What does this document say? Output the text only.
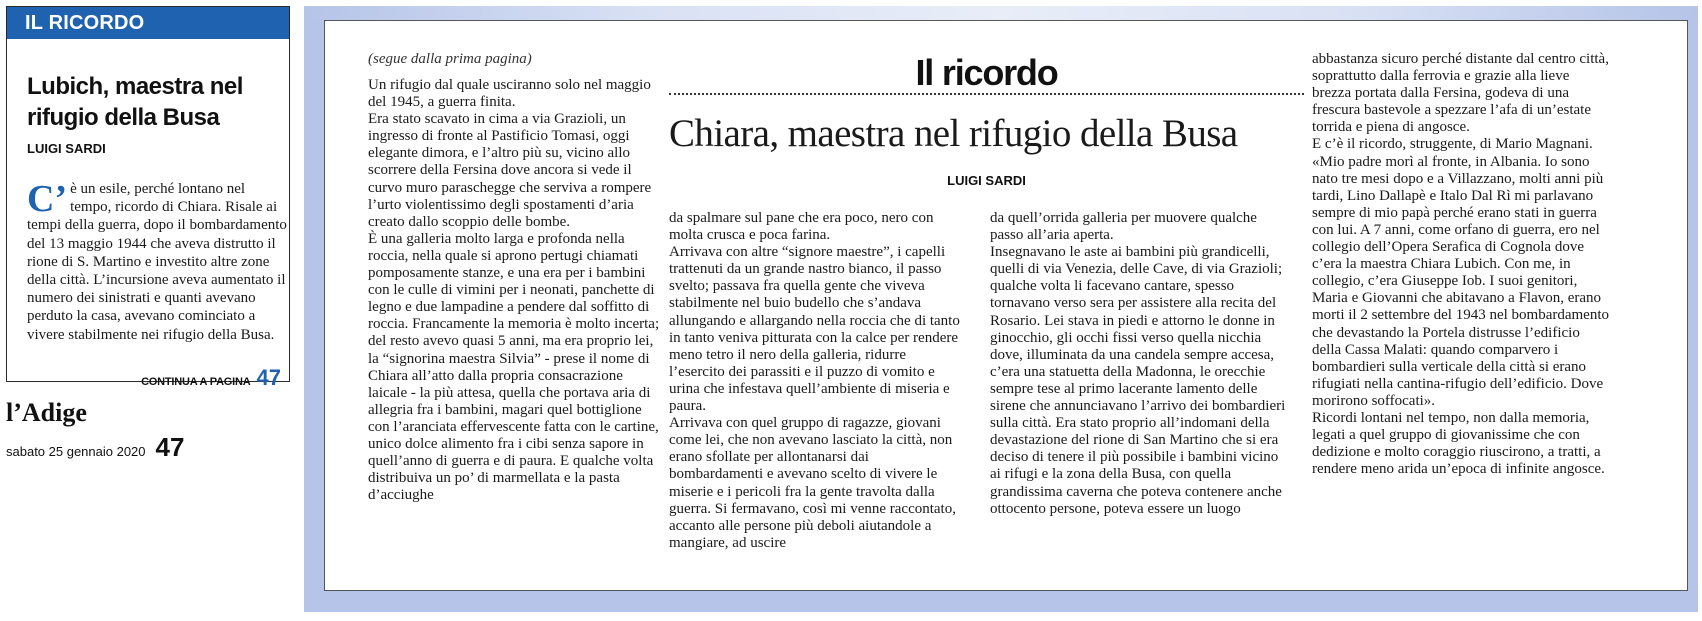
IL RICORDO
Lubich, maestra nel rifugio della Busa
LUIGI SARDI
C’ è un esile, perché lontano nel tempo, ricordo di Chiara. Risale ai tempi della guerra, dopo il bombardamento del 13 maggio 1944 che aveva distrutto il rione di S. Martino e investito altre zone della città. L’incursione aveva aumentato il numero dei sinistrati e quanti avevano perduto la casa, avevano cominciato a vivere stabilmente nei rifugio della Busa.
CONTINUA A PAGINA 47
l’Adige
sabato 25 gennaio 2020 47
(segue dalla prima pagina)
Un rifugio dal quale usciranno solo nel maggio del 1945, a guerra finita.
Era stato scavato in cima a via Grazioli, un ingresso di fronte al Pastificio Tomasi, oggi elegante dimora, e l’altro più su, vicino allo scorrere della Fersina dove ancora si vede il curvo muro paraschegge che serviva a rompere l’urto violentissimo degli spostamenti d’aria creato dallo scoppio delle bombe.
È una galleria molto larga e profonda nella roccia, nella quale si aprono pertugi chiamati pomposamente stanze, e una era per i bambini con le culle di vimini per i neonati, panchette di legno e due lampadine a pendere dal soffitto di roccia. Francamente la memoria è molto incerta; del resto avevo quasi 5 anni, ma era proprio lei, la “signorina maestra Silvia” - prese il nome di Chiara all’atto dalla propria consacrazione laicale - la più attesa, quella che portava aria di allegria fra i bambini, magari quel bottiglione con l’aranciata effervescente fatta con le cartine, unico dolce alimento fra i cibi senza sapore in quell’anno di guerra e di paura. E qualche volta distribuiva un po’ di marmellata e la pasta d’acciughe
Il ricordo
Chiara, maestra nel rifugio della Busa
LUIGI SARDI
da spalmare sul pane che era poco, nero con molta crusca e poca farina.
Arrivava con altre “signore maestre”, i capelli trattenuti da un grande nastro bianco, il passo svelto; passava fra quella gente che viveva stabilmente nel buio budello che s’andava allungando e allargando nella roccia che di tanto in tanto veniva pitturata con la calce per rendere meno tetro il nero della galleria, ridurre l’esercito dei parassiti e il puzzo di vomito e urina che infestava quell’ambiente di miseria e paura.
Arrivava con quel gruppo di ragazze, giovani come lei, che non avevano lasciato la città, non erano sfollate per allontanarsi dai bombardamenti e avevano scelto di vivere le miserie e i pericoli fra la gente travolta dalla guerra. Si fermavano, così mi venne raccontato, accanto alle persone più deboli aiutandole a mangiare, ad uscire
da quell’orrida galleria per muovere qualche passo all’aria aperta.
Insegnavano le aste ai bambini più grandicelli, quelli di via Venezia, delle Cave, di via Grazioli; qualche volta li facevano cantare, spesso tornavano verso sera per assistere alla recita del Rosario. Lei stava in piedi e attorno le donne in ginocchio, gli occhi fissi verso quella nicchia dove, illuminata da una candela sempre accesa, c’era una statuetta della Madonna, le orecchie sempre tese al primo lacerante lamento delle sirene che annunciavano l’arrivo dei bombardieri sulla città. Era stato proprio all’indomani della devastazione del rione di San Martino che si era deciso di tenere il più possibile i bambini vicino ai rifugi e la zona della Busa, con quella grandissima caverna che poteva contenere anche ottocento persone, poteva essere un luogo
abbastanza sicuro perché distante dal centro città, soprattutto dalla ferrovia e grazie alla lieve brezza portata dalla Fersina, godeva di una frescura bastevole a spezzare l’afa di un’estate torrida e piena di angosce.
E c’è il ricordo, struggente, di Mario Magnani. «Mio padre morì al fronte, in Albania. Io sono nato tre mesi dopo e a Villazzano, molti anni più tardi, Lino Dallapè e Italo Dal Rì mi parlavano sempre di mio papà perché erano stati in guerra con lui. A 7 anni, come orfano di guerra, ero nel collegio dell’Opera Serafica di Cognola dove c’era la maestra Chiara Lubich. Con me, in collegio, c’era Giuseppe Iob. I suoi genitori, Maria e Giovanni che abitavano a Flavon, erano morti il 2 settembre del 1943 nel bombardamento che devastando la Portela distrusse l’edificio della Cassa Malati: quando comparvero i bombardieri sulla verticale della città si erano rifugiati nella cantina-rifugio dell’edificio. Dove morirono soffocati».
Ricordi lontani nel tempo, non dalla memoria, legati a quel gruppo di giovanissime che con dedizione e molto coraggio riuscirono, a tratti, a rendere meno arida un’epoca di infinite angosce.
